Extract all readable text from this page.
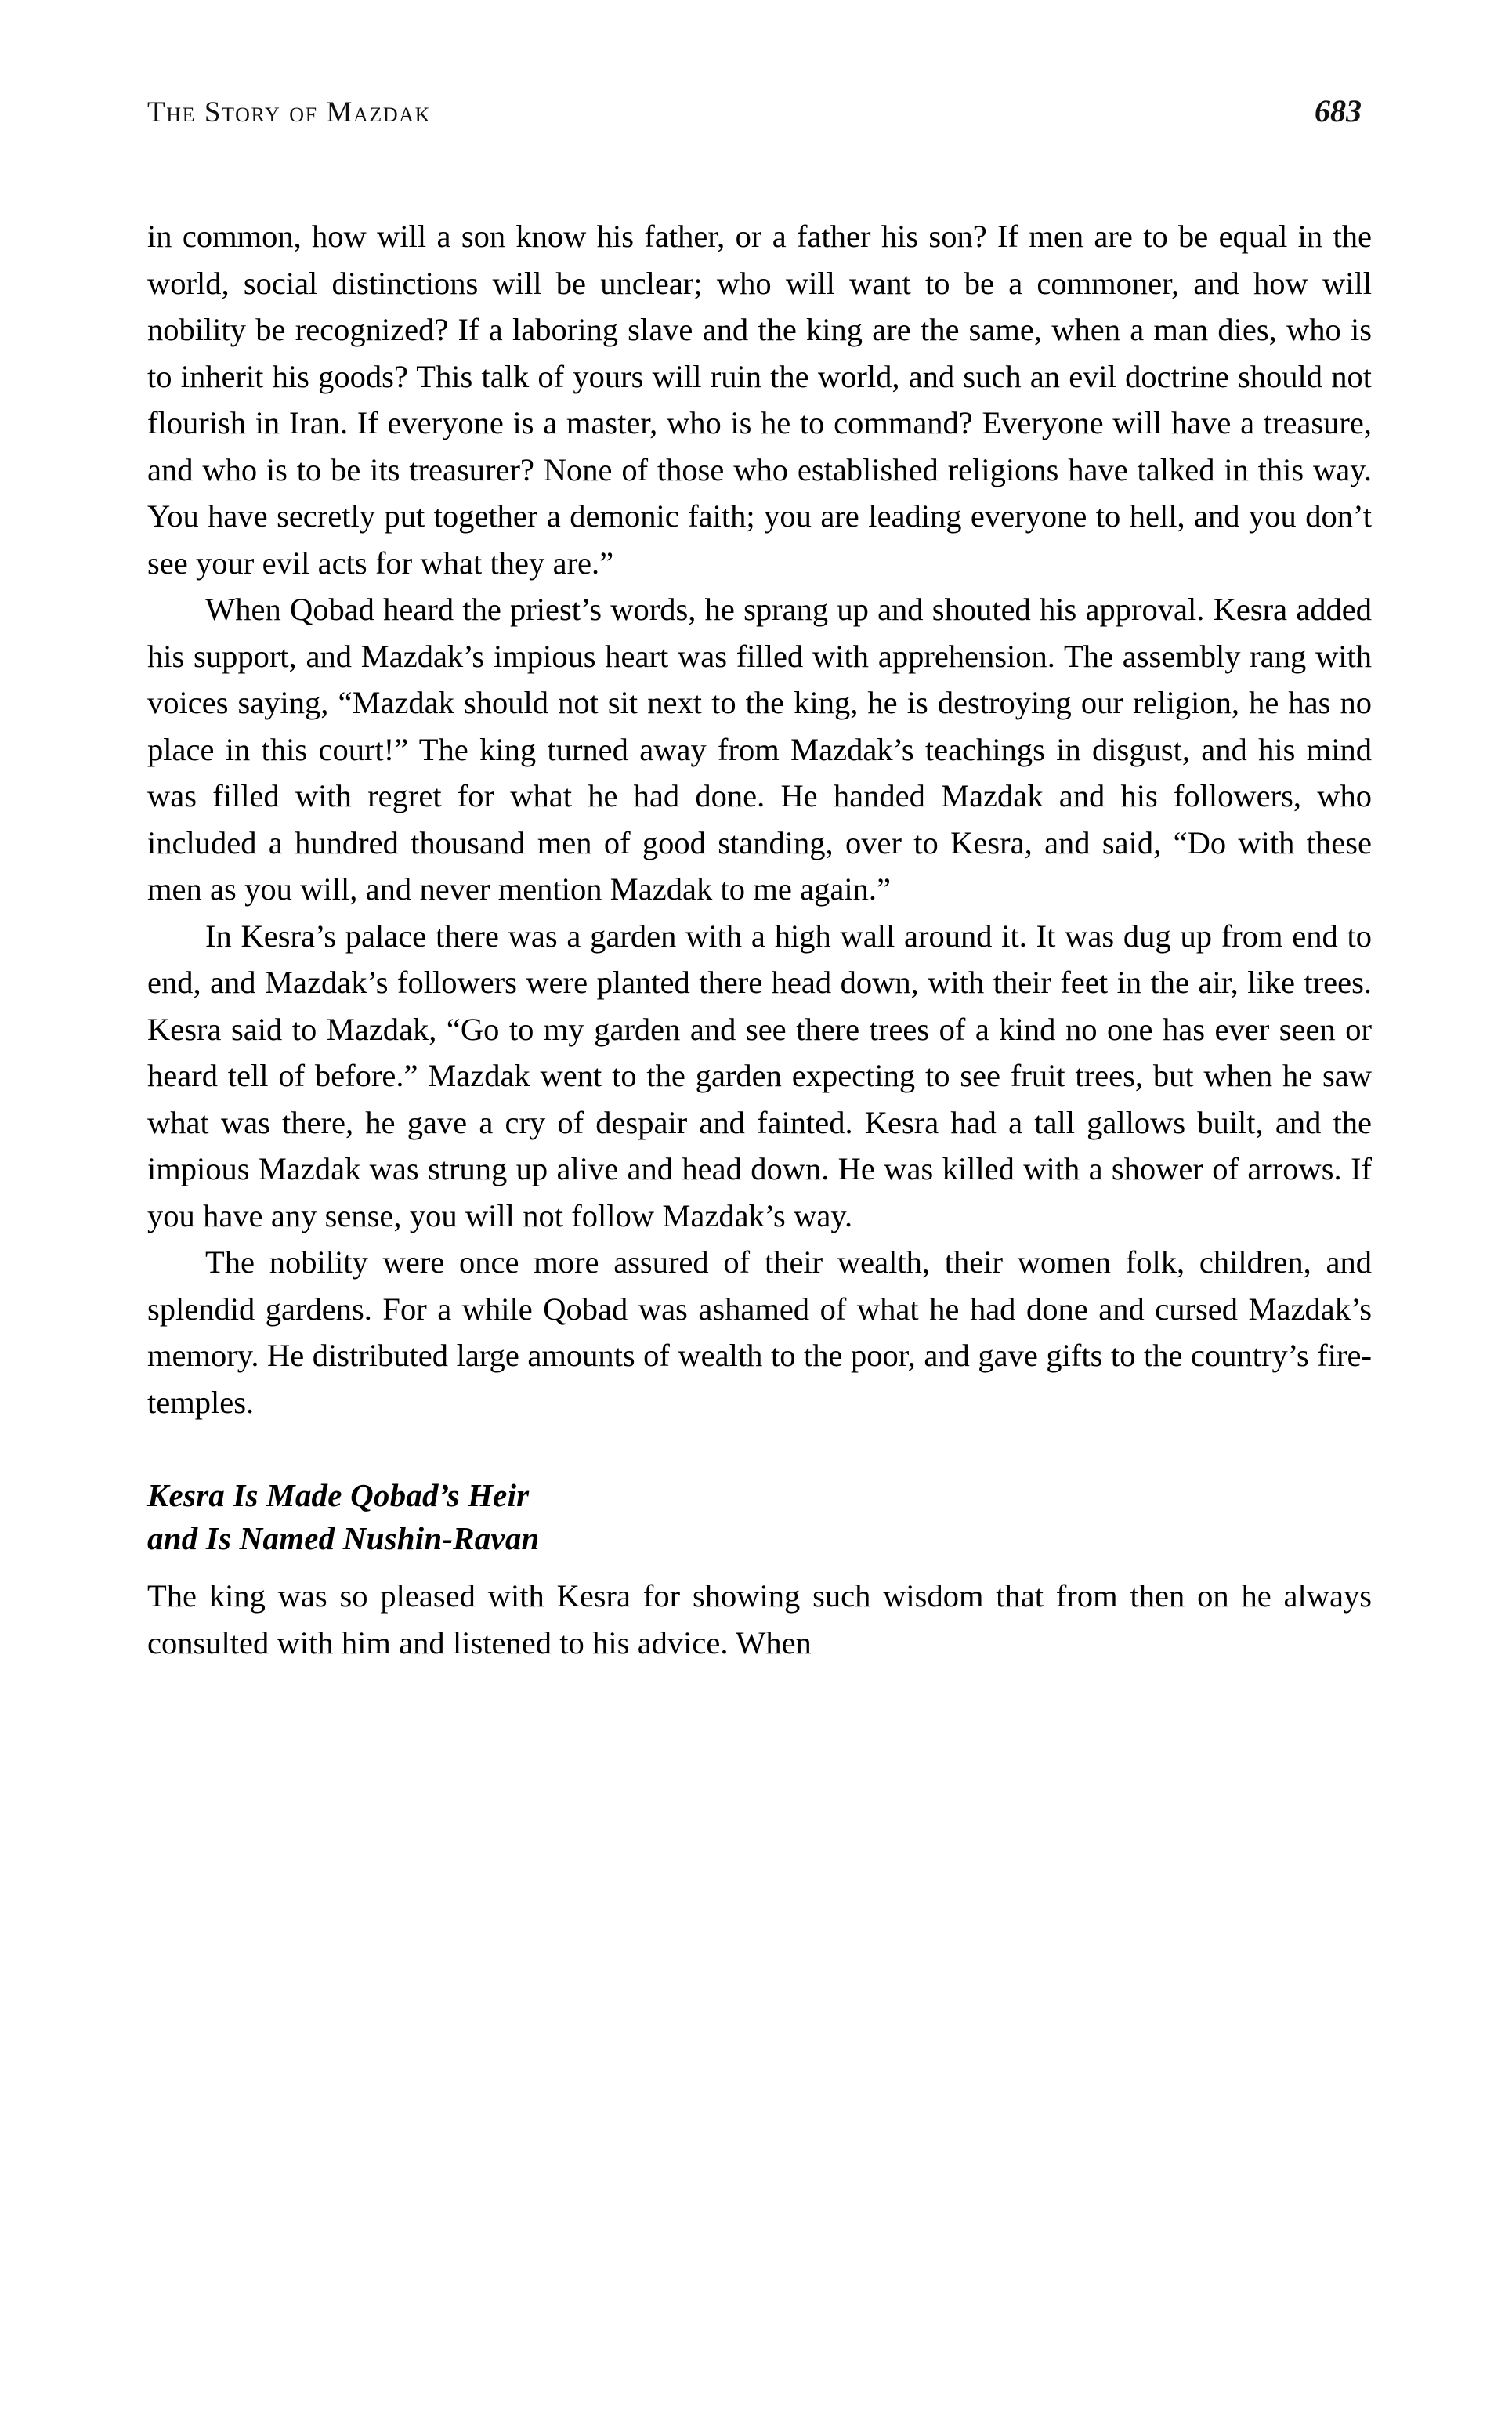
The Story of Mazdak	683

in common, how will a son know his father, or a father his son? If men are to be equal in the world, social distinctions will be unclear; who will want to be a commoner, and how will nobility be recognized? If a laboring slave and the king are the same, when a man dies, who is to inherit his goods? This talk of yours will ruin the world, and such an evil doctrine should not flourish in Iran. If everyone is a master, who is he to command? Everyone will have a treasure, and who is to be its treasurer? None of those who established religions have talked in this way. You have secretly put together a demonic faith; you are leading everyone to hell, and you don’t see your evil acts for what they are.”

When Qobad heard the priest’s words, he sprang up and shouted his approval. Kesra added his support, and Mazdak’s impious heart was filled with apprehension. The assembly rang with voices saying, “Mazdak should not sit next to the king, he is destroying our religion, he has no place in this court!” The king turned away from Mazdak’s teachings in disgust, and his mind was filled with regret for what he had done. He handed Mazdak and his followers, who included a hundred thousand men of good standing, over to Kesra, and said, “Do with these men as you will, and never mention Mazdak to me again.”

In Kesra’s palace there was a garden with a high wall around it. It was dug up from end to end, and Mazdak’s followers were planted there head down, with their feet in the air, like trees. Kesra said to Mazdak, “Go to my garden and see there trees of a kind no one has ever seen or heard tell of before.” Mazdak went to the garden expecting to see fruit trees, but when he saw what was there, he gave a cry of despair and fainted. Kesra had a tall gallows built, and the impious Mazdak was strung up alive and head down. He was killed with a shower of arrows. If you have any sense, you will not follow Mazdak’s way.

The nobility were once more assured of their wealth, their women folk, children, and splendid gardens. For a while Qobad was ashamed of what he had done and cursed Mazdak’s memory. He distributed large amounts of wealth to the poor, and gave gifts to the country’s fire-temples.

Kesra Is Made Qobad’s Heir
and Is Named Nushin-Ravan

The king was so pleased with Kesra for showing such wisdom that from then on he always consulted with him and listened to his advice. When
